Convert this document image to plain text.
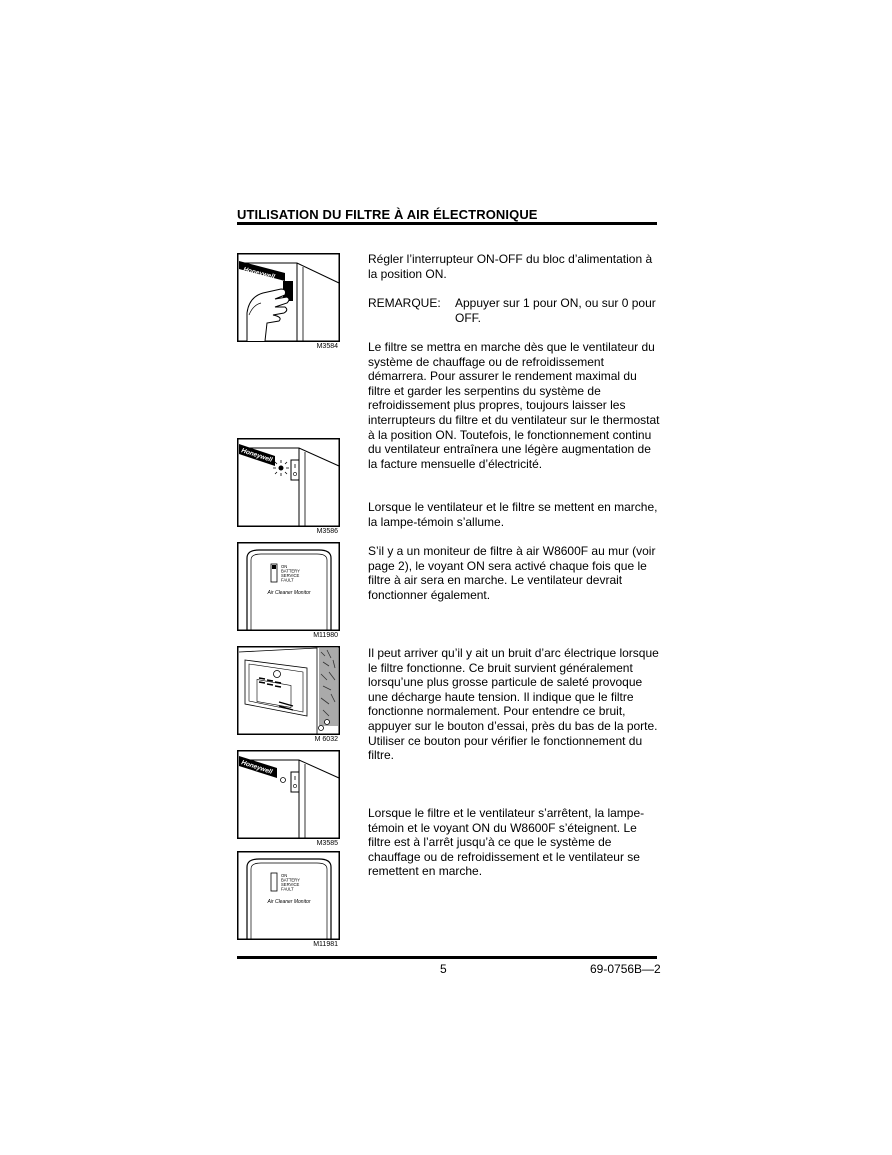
UTILISATION DU FILTRE À AIR ÉLECTRONIQUE
Honeywell
M3584
Honeywell
M3586
ON
BATTERY
SERVICE
FAULT
Air Cleaner Monitor
M11980
M 6032
Honeywell
M3585
ON
BATTERY
SERVICE
FAULT
Air Cleaner Monitor
M11981

Régler l’interrupteur ON-OFF du bloc d’alimentation à la position ON.

REMARQUE: Appuyer sur 1 pour ON, ou sur 0 pour OFF.

Le filtre se mettra en marche dès que le ventilateur du système de chauffage ou de refroidissement démarrera. Pour assurer le rendement maximal du filtre et garder les serpentins du système de refroidissement plus propres, toujours laisser les interrupteurs du filtre et du ventilateur sur le thermostat à la position ON. Toutefois, le fonctionnement continu du ventilateur entraînera une légère augmentation de la facture mensuelle d’électricité.

Lorsque le ventilateur et le filtre se mettent en marche, la lampe-témoin s’allume.

S’il y a un moniteur de filtre à air W8600F au mur (voir page 2), le voyant ON sera activé chaque fois que le filtre à air sera en marche. Le ventilateur devrait fonctionner également.

Il peut arriver qu’il y ait un bruit d’arc électrique lorsque le filtre fonctionne. Ce bruit survient généralement lorsqu’une plus grosse particule de saleté provoque une décharge haute tension. Il indique que le filtre fonctionne normalement. Pour entendre ce bruit, appuyer sur le bouton d’essai, près du bas de la porte. Utiliser ce bouton pour vérifier le fonctionnement du filtre.

Lorsque le filtre et le ventilateur s’arrêtent, la lampe-témoin et le voyant ON du W8600F s’éteignent. Le filtre est à l’arrêt jusqu’à ce que le système de chauffage ou de refroidissement et le ventilateur se remettent en marche.

5	69-0756B—2
